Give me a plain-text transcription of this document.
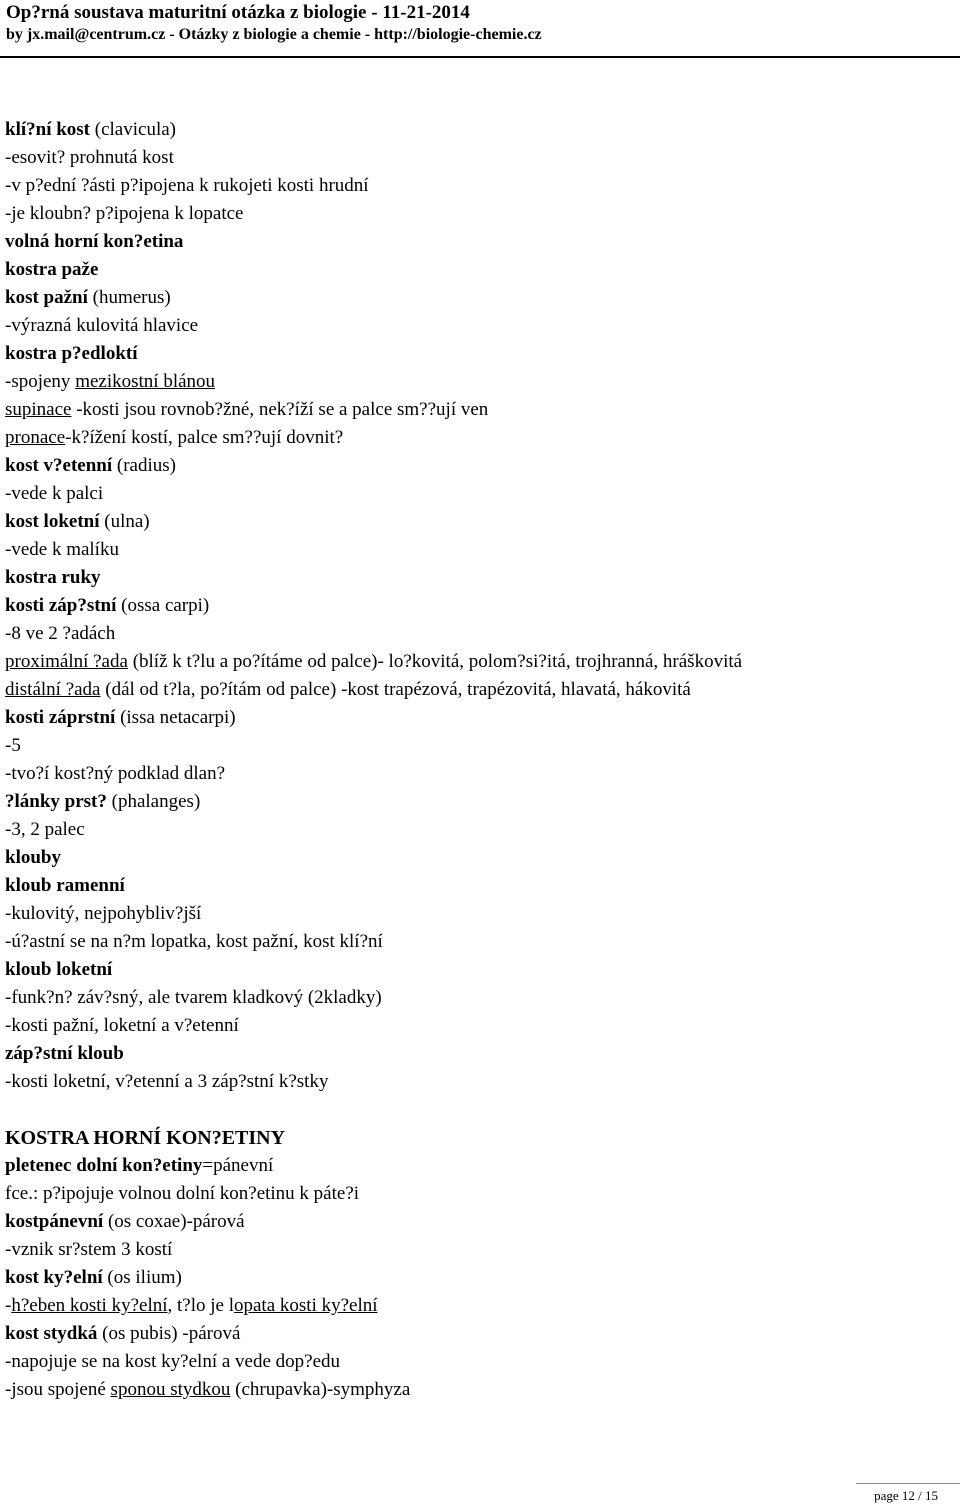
Op?rná soustava maturitní otázka z biologie - 11-21-2014
by jx.mail@centrum.cz - Otázky z biologie a chemie - http://biologie-chemie.cz
klí?ní kost (clavicula)
-esovit? prohnutá kost
-v p?ední ?ásti p?ipojena k rukojeti kosti hrudní
-je kloubn? p?ipojena k lopatce
volná horní kon?etina
kostra paže
kost pažní (humerus)
-výrazná kulovitá hlavice
kostra p?edloktí
-spojeny mezikostní blánou
supinace -kosti jsou rovnob?žné, nek?íží se a palce sm??ují ven
pronace-k?ížení kostí, palce sm??ují dovnit?
kost v?etenní (radius)
-vede k palci
kost loketní (ulna)
-vede k malíku
kostra ruky
kosti záp?stní (ossa carpi)
-8 ve 2 ?adách
proximální ?ada (blíž k t?lu a po?ítáme od palce)- lo?kovitá, polom?si?itá, trojhranná, hráškovitá
distální ?ada (dál od t?la, po?ítám od palce) -kost trapézová, trapézovitá, hlavatá, hákovitá
kosti záprstní (issa netacarpi)
-5
-tvo?í kost?ný podklad dlan?
?lánky prst? (phalanges)
-3, 2 palec
klouby
kloub ramenní
-kulovitý, nejpohybliv?jší
-ú?astní se na n?m lopatka, kost pažní, kost klí?ní
kloub loketní
-funk?n? záv?sný, ale tvarem kladkový (2kladky)
-kosti pažní, loketní a v?etenní
záp?stní kloub
-kosti loketní, v?etenní a 3 záp?stní k?stky
KOSTRA HORNÍ KON?ETINY
pletenec dolní kon?etiny=pánevní
fce.: p?ipojuje volnou dolní kon?etinu k páte?i
kostpánevní (os coxae)-párová
-vznik sr?stem 3 kostí
kost ky?elní (os ilium)
-h?eben kosti ky?elní, t?lo je lopata kosti ky?elní
kost stydká (os pubis) -párová
-napojuje se na kost ky?elní a vede dop?edu
-jsou spojené sponou stydkou (chrupavka)-symphyza
page 12 / 15
